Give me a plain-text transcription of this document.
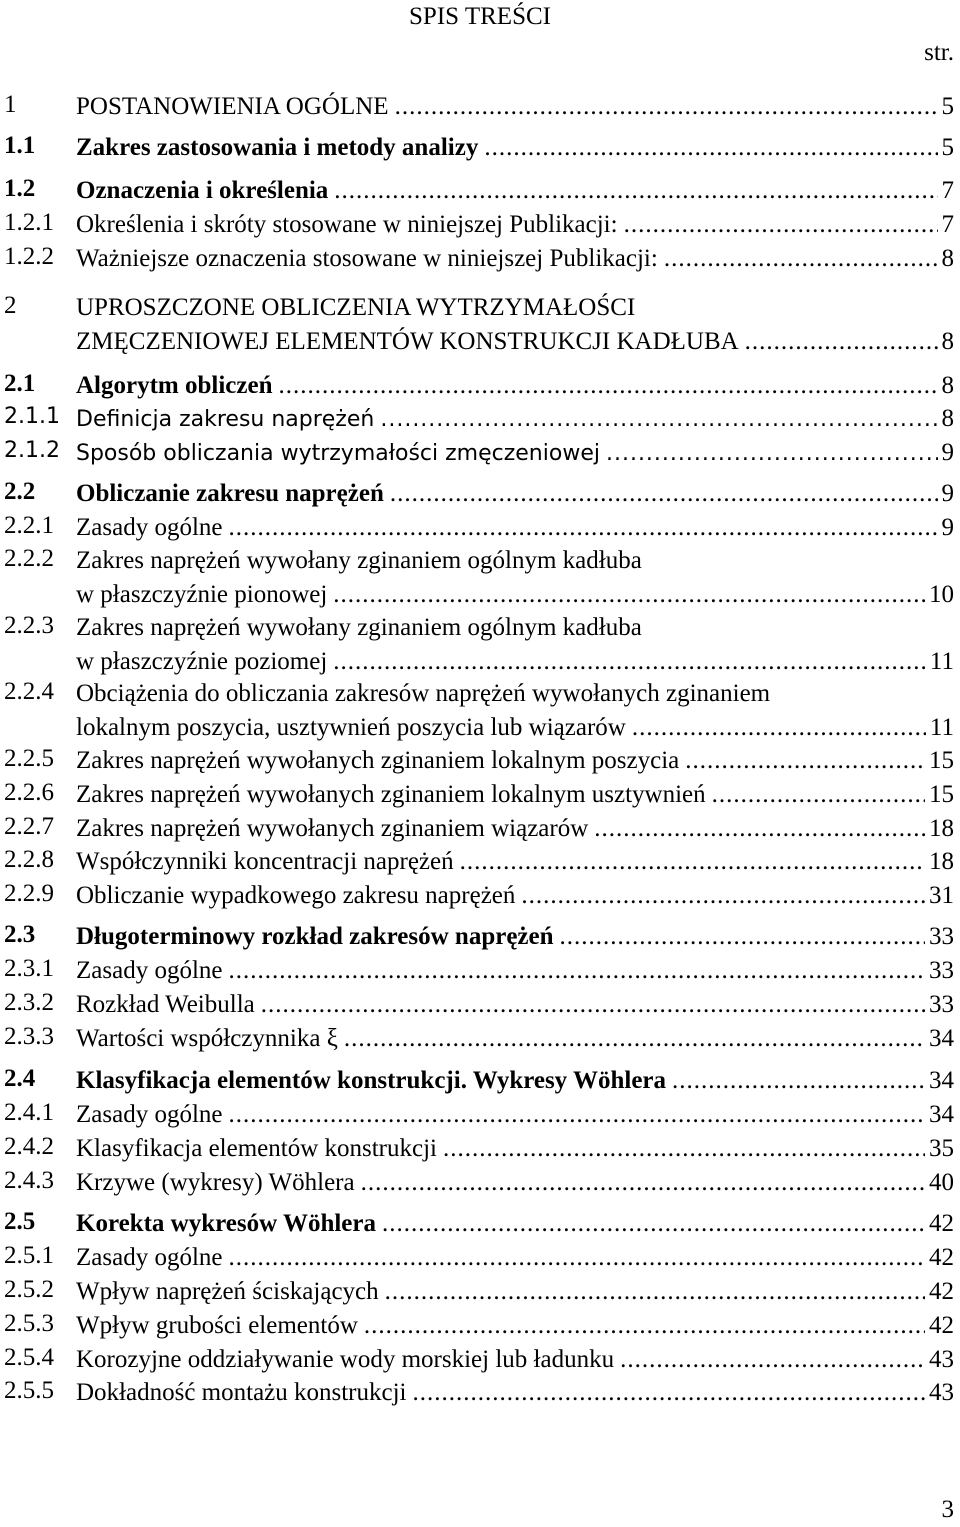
SPIS TREŚCI
str.
1 POSTANOWIENIA OGÓLNE .....	5
1.1 Zakres zastosowania i metody analizy .....	5
1.2 Oznaczenia i określenia .....	7
1.2.1 Określenia i skróty stosowane w niniejszej Publikacji: .....	7
1.2.2 Ważniejsze oznaczenia stosowane w niniejszej Publikacji: .....	8
2 UPROSZCZONE OBLICZENIA WYTRZYMAŁOŚCI
ZMĘCZENIOWEJ ELEMENTÓW KONSTRUKCJI KADŁUBA .....	8
2.1 Algorytm obliczeń .....	8
2.1.1 Definicja zakresu naprężeń .....	8
2.1.2 Sposób obliczania wytrzymałości zmęczeniowej .....	9
2.2 Obliczanie zakresu naprężeń .....	9
2.2.1 Zasady ogólne .....	9
2.2.2 Zakres naprężeń wywołany zginaniem ogólnym kadłuba
w płaszczyźnie pionowej .....	10
2.2.3 Zakres naprężeń wywołany zginaniem ogólnym kadłuba
w płaszczyźnie poziomej .....	11
2.2.4 Obciążenia do obliczania zakresów naprężeń wywołanych zginaniem
lokalnym poszycia, usztywnień poszycia lub wiązarów .....	11
2.2.5 Zakres naprężeń wywołanych zginaniem lokalnym poszycia .....	15
2.2.6 Zakres naprężeń wywołanych zginaniem lokalnym usztywnień .....	15
2.2.7 Zakres naprężeń wywołanych zginaniem wiązarów .....	18
2.2.8 Współczynniki koncentracji naprężeń .....	18
2.2.9 Obliczanie wypadkowego zakresu naprężeń .....	31
2.3 Długoterminowy rozkład zakresów naprężeń .....	33
2.3.1 Zasady ogólne .....	33
2.3.2 Rozkład Weibulla .....	33
2.3.3 Wartości współczynnika ξ .....	34
2.4 Klasyfikacja elementów konstrukcji. Wykresy Wöhlera .....	34
2.4.1 Zasady ogólne .....	34
2.4.2 Klasyfikacja elementów konstrukcji .....	35
2.4.3 Krzywe (wykresy) Wöhlera .....	40
2.5 Korekta wykresów Wöhlera .....	42
2.5.1 Zasady ogólne .....	42
2.5.2 Wpływ naprężeń ściskających .....	42
2.5.3 Wpływ grubości elementów .....	42
2.5.4 Korozyjne oddziaływanie wody morskiej lub ładunku .....	43
2.5.5 Dokładność montażu konstrukcji .....	43
3
